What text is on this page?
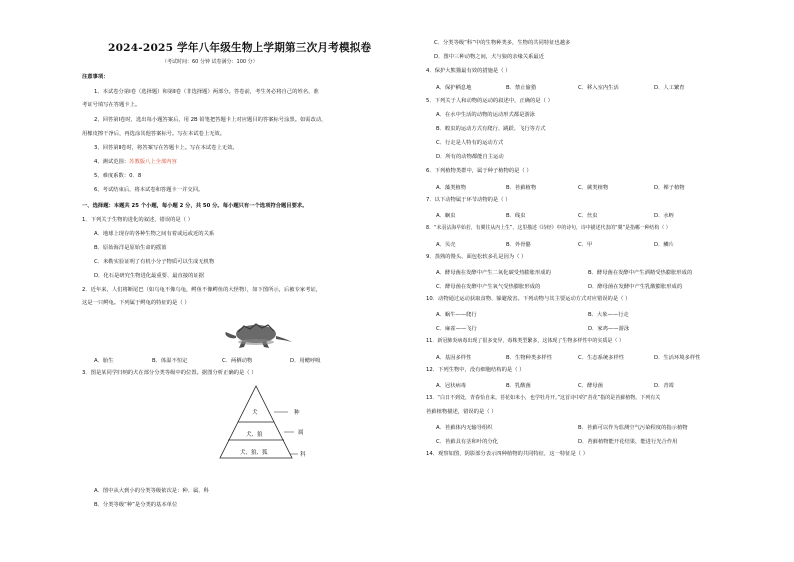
2024-2025 学年八年级生物上学期第三次月考模拟卷
（考试时间：60 分钟 试卷满分：100 分）
注意事项：
1、本试卷分第Ⅰ卷（选择题）和第Ⅱ卷（非选择题）两部分。答卷前，考生务必将自己的姓名、准
考证号填写在答题卡上。
2、回答第Ⅰ卷时，选出每小题答案后，用 2B 铅笔把答题卡上对应题目的答案标号涂黑。如需改动，
用橡皮擦干净后，再选涂其他答案标号。写在本试卷上无效。
3、回答第Ⅱ卷时，将答案写在答题卡上。写在本试卷上无效。
4、测试范围：苏教版八上全部内容
5、难度系数：0．8
6、考试结束后，将本试卷和答题卡一并交回。
一、选择题：本题共 25 个小题，每小题 2 分，共 50 分。每小题只有一个选项符合题目要求。
1．下列关于生物的进化的叙述，错误的是（ ）
A．地球上现存的各种生物之间有着或远或近的关系
B．原始海洋是原始生命的摇篮
C．米勒实验证明了有机小分子物质可以生成无机物
D．化石是研究生物进化最重要、最直接的证据
2．近年来，人们将断尾巴（如乌龟不像乌龟，鳄鱼不像鳄鱼的大怪物），如下图所示，后被专家考证，
这是一只鳄龟。下列属于鳄龟的特征的是（ ）
A．胎生	B．体温不恒定	C．两栖动物	D．用鳃呼吸
3．图是某同学归纳的犬在部分分类等级中的位置。据图分析正确的是（ ）
犬
犬、狼
犬、狼、狐
种
属
科
A．图中从大到小的分类等级依次是：种、属、科
B．分类等级“种”是分类的基本单位
C．分类等级“科”中的生物种类多，生物的共同特征也越多
D．图中三种动物之间，犬与狼的亲缘关系最近
4．保护大熊猫最有效的措施是（ ）
A．保护栖息地	B．禁止偷猎	C．移入室内生活	D．人工繁育
5．下列关于人和动物的运动的叙述中，正确的是（ ）
A．在水中生活的动物的运动形式都是游泳
B．蝗虫的运动方式有爬行、跳跃、飞行等方式
C．行走是人特有的运动方式
D．所有的动物都能自主运动
6．下列植物类群中，属于种子植物的是（ ）
A．藻类植物	B．苔藓植物	C．蕨类植物	D．裸子植物
7．以下动物属于环节动物的是（ ）
A．蛔虫	B．线虫	C．丝虫	D．水蛭
8．“未羽沾海早始若，有翼往从内上生”，这里描述《诗经》中的诗句，诗中描述代表的“翼”是指哪一种结构（ ）
A．贝壳	B．外骨骼	C．甲	D．鳞片
9．蒸熟的馒头、面包松软多孔是因为（ ）
A．酵母菌在发酵中产生二氧化碳受热膨胀形成的	B．酵母菌在发酵中产生酒精受热膨胀形成的
C．酵母菌在发酵中产生氧气受热膨胀形成的	D．酵母菌在发酵中产生乳酸膨胀形成的
10．动物通过运动获取食物、躲避敌害。下列动物与其主要运动方式对应错误的是（ ）
A．蜗牛——爬行	B．大象——行走
C．麻雀——飞行	D．家鸡——游泳
11．新冠肺炎病毒出现了很多变异，毒株类型繁多，这体现了生物多样性中的实质是（ ）
A．基因多样性	B．生物种类多样性	C．生态系统多样性	D．生活环境多样性
12．下列生物中，没有细胞结构的是（ ）
A．冠状病毒	B．乳酸菌	C．酵母菌	D．青霉
13．“白日不到处，青春恰自来。苔花如米小，也学牡丹开。”这首诗中的“苔花”指的是苔藓植物。下列有关
苔藓植物描述，错误的是（ ）
A．苔藓体内无输导组织	B．苔藓可以作为监测空气污染程度的指示植物
C．苔藓具有茎和叶的分化	D．苔藓植物能开花结果，能进行光合作用
14．观察如图，阴影部分表示四种植物的共同特征，这一特征是（ ）
